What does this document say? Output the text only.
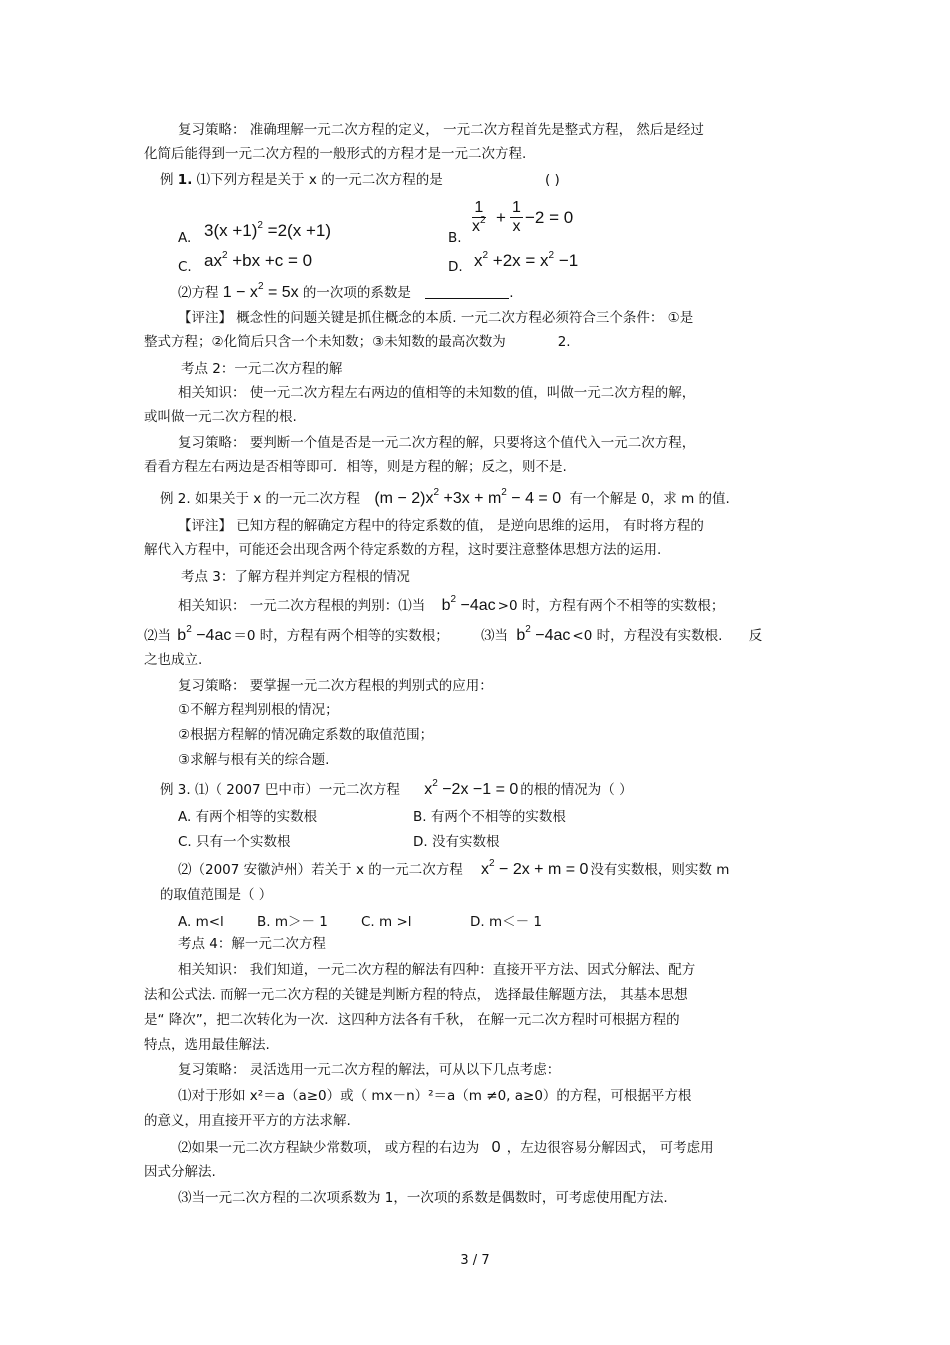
复习策略： 准确理解一元二次方程的定义， 一元二次方程首先是整式方程， 然后是经过
化简后能得到一元二次方程的一般形式的方程才是一元二次方程.
例 1. ⑴下列方程是关于 x 的一元二次方程的是	( )
A. $3(x +1)^2 =2(x +1)$	B.
$\frac{1}{x^2} + \frac{1}{x} -2 = 0$
C. $ax^2 +bx +c = 0$	D. $x^2 +2x = x^2 -1$
⑵方程 $1 - x^2 = 5x$ 的一次项的系数是	.
【评注】 概念性的问题关键是抓住概念的本质. 一元二次方程必须符合三个条件： ①是
整式方程；②化简后只含一个未知数；③未知数的最高次数为	2.
考点 2：一元二次方程的解
相关知识： 使一元二次方程左右两边的值相等的未知数的值，叫做一元二次方程的解，
或叫做一元二次方程的根.
复习策略： 要判断一个值是否是一元二次方程的解，只要将这个值代入一元二次方程，
看看方程左右两边是否相等即可．相等，则是方程的解；反之，则不是.
例 2. 如果关于 x 的一元二次方程 $(m - 2)x^2 +3x + m^2 - 4 = 0$ 有一个解是 0，求 m 的值.
【评注】 已知方程的解确定方程中的待定系数的值， 是逆向思维的运用， 有时将方程的
解代入方程中，可能还会出现含两个待定系数的方程，这时要注意整体思想方法的运用.
考点 3：了解方程并判定方程根的情况
相关知识： 一元二次方程根的判别：⑴当 $b^2 -4ac >0$ 时，方程有两个不相等的实数根；
⑵当 $b^2 -4ac =0$ 时，方程有两个相等的实数根； ⑶当 $b^2 -4ac <0$ 时，方程没有实数根. 反
之也成立.
复习策略： 要掌握一元二次方程根的判别式的应用：
①不解方程判别根的情况；
②根据方程解的情况确定系数的取值范围；
③求解与根有关的综合题.
例 3. ⑴（ 2007 巴中市）一元二次方程 $x^2 -2x -1 = 0$ 的根的情况为（ ）
A. 有两个相等的实数根	B. 有两个不相等的实数根
C. 只有一个实数根	D. 没有实数根
⑵（2007 安徽泸州）若关于 x 的一元二次方程 $x^2 - 2x + m = 0$ 没有实数根，则实数 m
的取值范围是（ ）
A. m<l B. m＞－ 1 C. m >l	D. m＜－ 1
考点 4：解一元二次方程
相关知识： 我们知道，一元二次方程的解法有四种：直接开平方法、因式分解法、配方
法和公式法. 而解一元二次方程的关键是判断方程的特点， 选择最佳解题方法， 其基本思想
是“ 降次”，把二次转化为一次．这四种方法各有千秋， 在解一元二次方程时可根据方程的
特点，选用最佳解法.
复习策略： 灵活选用一元二次方程的解法，可从以下几点考虑：
⑴对于形如 x²＝a（a≥0）或（ mx－n）²＝a（m ≠0, a≥0）的方程，可根据平方根
的意义，用直接开平方的方法求解.
⑵如果一元二次方程缺少常数项， 或方程的右边为 0 ，左边很容易分解因式， 可考虑用
因式分解法.
⑶当一元二次方程的二次项系数为 1，一次项的系数是偶数时，可考虑使用配方法.
3 / 7
